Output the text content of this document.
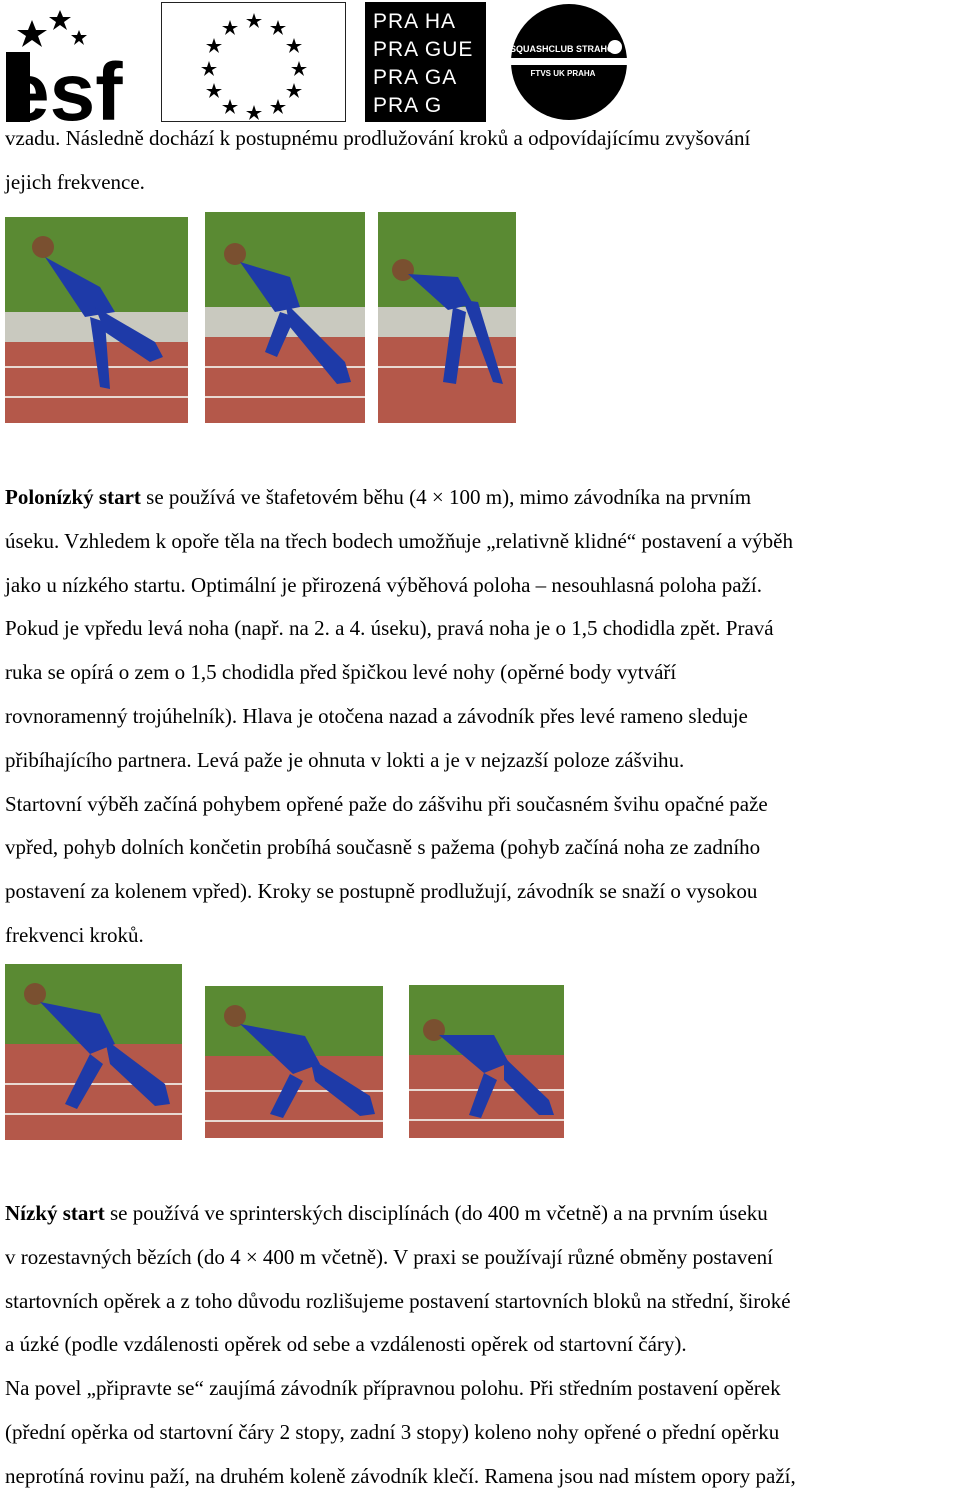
esf
PRA HA
PRA GUE
PRA GA
PRA G
SQUASHCLUB STRAHOV
FTVS UK PRAHA

vzadu. Následně dochází k postupnému prodlužování kroků a odpovídajícímu zvyšování
jejich frekvence.

Polonízký start se používá ve štafetovém běhu (4 × 100 m), mimo závodníka na prvním
úseku. Vzhledem k opoře těla na třech bodech umožňuje „relativně klidné“ postavení a výběh
jako u nízkého startu. Optimální je přirozená výběhová poloha – nesouhlasná poloha paží.
Pokud je vpředu levá noha (např. na 2. a 4. úseku), pravá noha je o 1,5 chodidla zpět. Pravá
ruka se opírá o zem o 1,5 chodidla před špičkou levé nohy (opěrné body vytváří
rovnoramenný trojúhelník). Hlava je otočena nazad a závodník přes levé rameno sleduje
přibíhajícího partnera. Levá paže je ohnuta v lokti a je v nejzazší poloze zášvihu.
Startovní výběh začíná pohybem opřené paže do zášvihu při současném švihu opačné paže
vpřed, pohyb dolních končetin probíhá současně s pažema (pohyb začíná noha ze zadního
postavení za kolenem vpřed). Kroky se postupně prodlužují, závodník se snaží o vysokou
frekvenci kroků.

Nízký start se používá ve sprinterských disciplínách (do 400 m včetně) a na prvním úseku
v rozestavných bězích (do 4 × 400 m včetně). V praxi se používají různé obměny postavení
startovních opěrek a z toho důvodu rozlišujeme postavení startovních bloků na střední, široké
a úzké (podle vzdálenosti opěrek od sebe a vzdálenosti opěrek od startovní čáry).
Na povel „připravte se“ zaujímá závodník přípravnou polohu. Při středním postavení opěrek
(přední opěrka od startovní čáry 2 stopy, zadní 3 stopy) koleno nohy opřené o přední opěrku
neprotíná rovinu paží, na druhém koleně závodník klečí. Ramena jsou nad místem opory paží,
